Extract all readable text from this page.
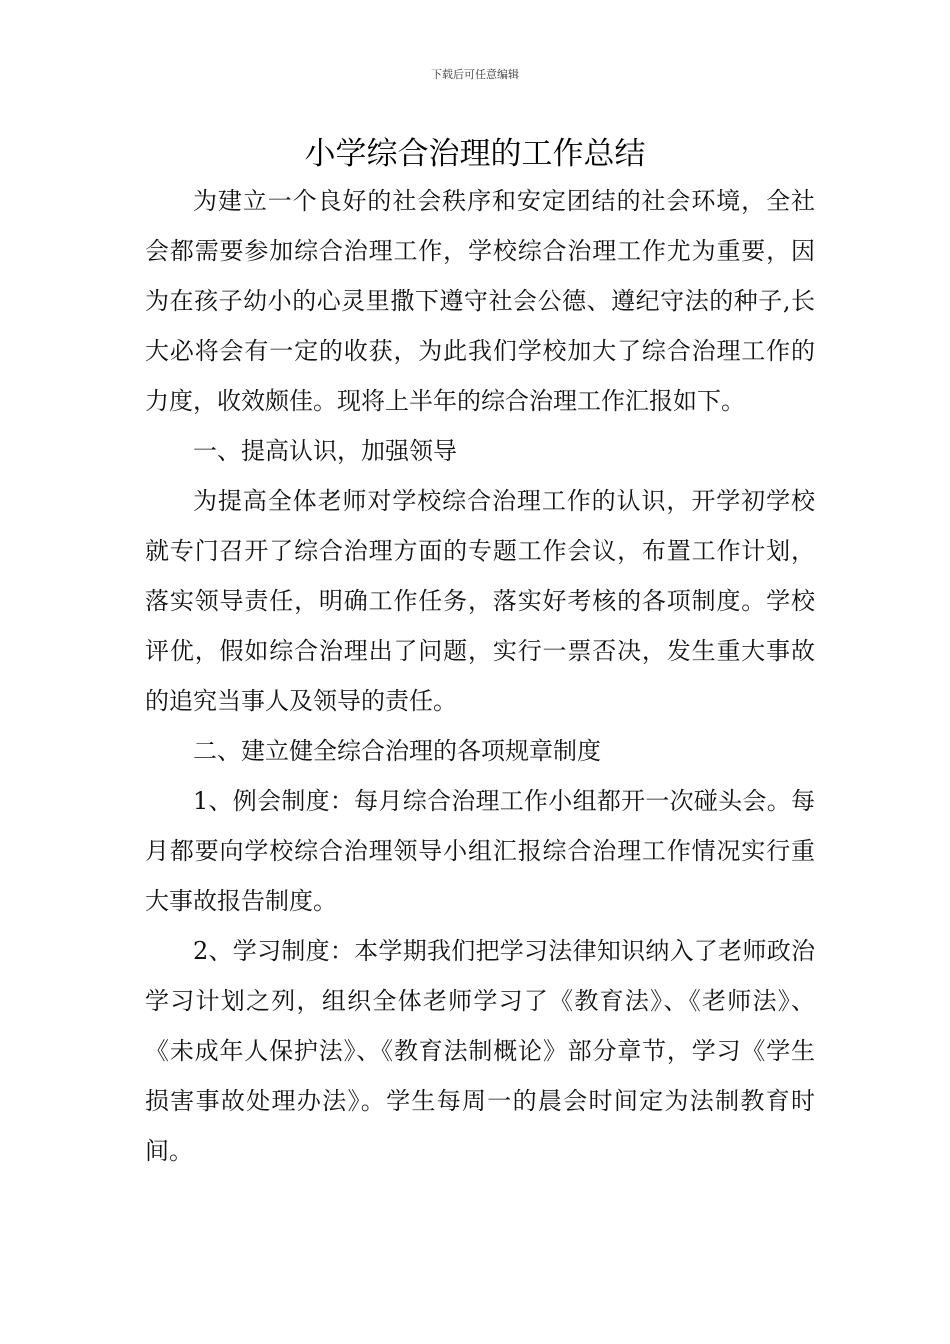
下载后可任意编辑
小学综合治理的工作总结

为建立一个良好的社会秩序和安定团结的社会环境，全社会都需要参加综合治理工作，学校综合治理工作尤为重要，因为在孩子幼小的心灵里撒下遵守社会公德、遵纪守法的种子,长大必将会有一定的收获，为此我们学校加大了综合治理工作的力度，收效颇佳。现将上半年的综合治理工作汇报如下。

一、提高认识，加强领导

为提高全体老师对学校综合治理工作的认识，开学初学校就专门召开了综合治理方面的专题工作会议，布置工作计划，落实领导责任，明确工作任务，落实好考核的各项制度。学校评优，假如综合治理出了问题，实行一票否决，发生重大事故的追究当事人及领导的责任。

二、建立健全综合治理的各项规章制度

1、例会制度：每月综合治理工作小组都开一次碰头会。每月都要向学校综合治理领导小组汇报综合治理工作情况实行重大事故报告制度。

2、学习制度：本学期我们把学习法律知识纳入了老师政治学习计划之列，组织全体老师学习了《教育法》、《老师法》、《未成年人保护法》、《教育法制概论》部分章节，学习《学生损害事故处理办法》。学生每周一的晨会时间定为法制教育时间。
